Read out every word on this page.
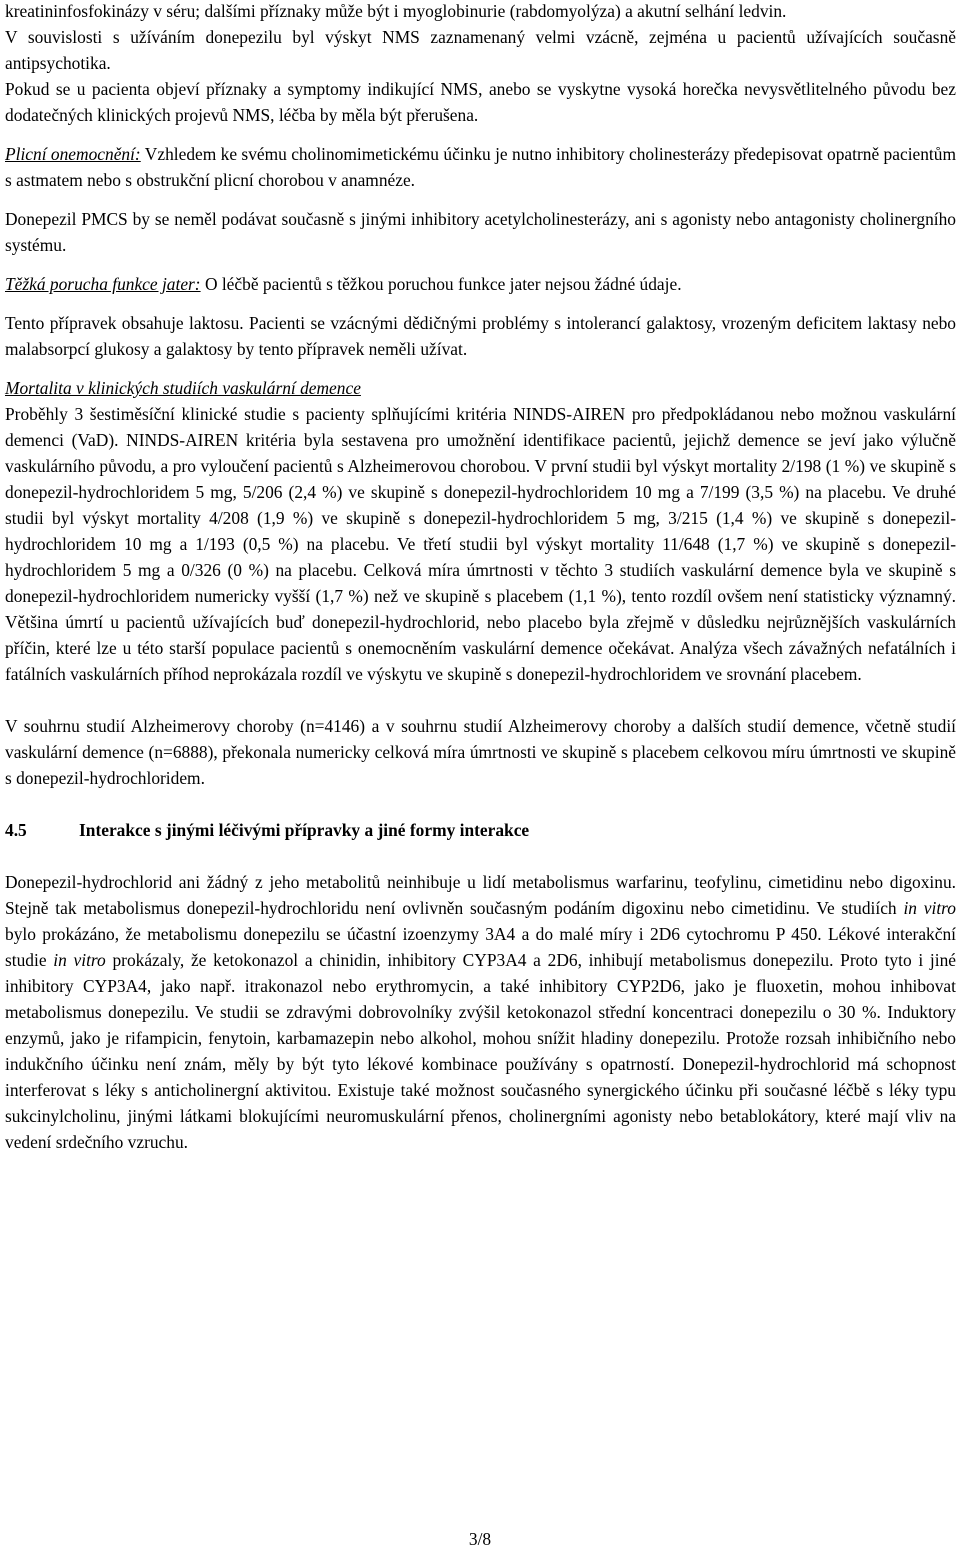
kreatininfosfokinázy v séru; dalšími příznaky může být i myoglobinurie (rabdomyolýza) a akutní selhání ledvin.

V souvislosti s užíváním donepezilu byl výskyt NMS zaznamenaný velmi vzácně, zejména u pacientů užívajících současně antipsychotika.

Pokud se u pacienta objeví příznaky a symptomy indikující NMS, anebo se vyskytne vysoká horečka nevysvětlitelného původu bez dodatečných klinických projevů NMS, léčba by měla být přerušena.

Plicní onemocnění: Vzhledem ke svému cholinomimetickému účinku je nutno inhibitory cholinesterázy předepisovat opatrně pacientům s astmatem nebo s obstrukční plicní chorobou v anamnéze.

Donepezil PMCS by se neměl podávat současně s jinými inhibitory acetylcholinesterázy, ani s agonisty nebo antagonisty cholinergního systému.

Těžká porucha funkce jater: O léčbě pacientů s těžkou poruchou funkce jater nejsou žádné údaje.

Tento přípravek obsahuje laktosu. Pacienti se vzácnými dědičnými problémy s intolerancí galaktosy, vrozeným deficitem laktasy nebo malabsorpcí glukosy a galaktosy by tento přípravek neměli užívat.

Mortalita v klinických studiích vaskulární demence

Proběhly 3 šestiměsíční klinické studie s pacienty splňujícími kritéria NINDS-AIREN pro předpokládanou nebo možnou vaskulární demenci (VaD). NINDS-AIREN kritéria byla sestavena pro umožnění identifikace pacientů, jejichž demence se jeví jako výlučně vaskulárního původu, a pro vyloučení pacientů s Alzheimerovou chorobou. V první studii byl výskyt mortality 2/198 (1 %) ve skupině s donepezil-hydrochloridem 5 mg, 5/206 (2,4 %) ve skupině s donepezil-hydrochloridem 10 mg a 7/199 (3,5 %) na placebu. Ve druhé studii byl výskyt mortality 4/208 (1,9 %) ve skupině s donepezil-hydrochloridem 5 mg, 3/215 (1,4 %) ve skupině s donepezil-hydrochloridem 10 mg a 1/193 (0,5 %) na placebu. Ve třetí studii byl výskyt mortality 11/648 (1,7 %) ve skupině s donepezil-hydrochloridem 5 mg a 0/326 (0 %) na placebu. Celková míra úmrtnosti v těchto 3 studiích vaskulární demence byla ve skupině s donepezil-hydrochloridem numericky vyšší (1,7 %) než ve skupině s placebem (1,1 %), tento rozdíl ovšem není statisticky významný. Většina úmrtí u pacientů užívajících buď donepezil-hydrochlorid, nebo placebo byla zřejmě v důsledku nejrůznějších vaskulárních příčin, které lze u této starší populace pacientů s onemocněním vaskulární demence očekávat. Analýza všech závažných nefatálních i fatálních vaskulárních příhod neprokázala rozdíl ve výskytu ve skupině s donepezil-hydrochloridem ve srovnání placebem.

V souhrnu studií Alzheimerovy choroby (n=4146) a v souhrnu studií Alzheimerovy choroby a dalších studií demence, včetně studií vaskulární demence (n=6888), překonala numericky celková míra úmrtnosti ve skupině s placebem celkovou míru úmrtnosti ve skupině s donepezil-hydrochloridem.

4.5	Interakce s jinými léčivými přípravky a jiné formy interakce

Donepezil-hydrochlorid ani žádný z jeho metabolitů neinhibuje u lidí metabolismus warfarinu, teofylinu, cimetidinu nebo digoxinu. Stejně tak metabolismus donepezil-hydrochloridu není ovlivněn současným podáním digoxinu nebo cimetidinu. Ve studiích in vitro bylo prokázáno, že metabolismu donepezilu se účastní izoenzymy 3A4 a do malé míry i 2D6 cytochromu P 450. Lékové interakční studie in vitro prokázaly, že ketokonazol a chinidin, inhibitory CYP3A4 a 2D6, inhibují metabolismus donepezilu. Proto tyto i jiné inhibitory CYP3A4, jako např. itrakonazol nebo erythromycin, a také inhibitory CYP2D6, jako je fluoxetin, mohou inhibovat metabolismus donepezilu. Ve studii se zdravými dobrovolníky zvýšil ketokonazol střední koncentraci donepezilu o 30 %. Induktory enzymů, jako je rifampicin, fenytoin, karbamazepin nebo alkohol, mohou snížit hladiny donepezilu. Protože rozsah inhibičního nebo indukčního účinku není znám, měly by být tyto lékové kombinace používány s opatrností. Donepezil-hydrochlorid má schopnost interferovat s léky s anticholinergní aktivitou. Existuje také možnost současného synergického účinku při současné léčbě s léky typu sukcinylcholinu, jinými látkami blokujícími neuromuskulární přenos, cholinergními agonisty nebo betablokátory, které mají vliv na vedení srdečního vzruchu.

3/8
